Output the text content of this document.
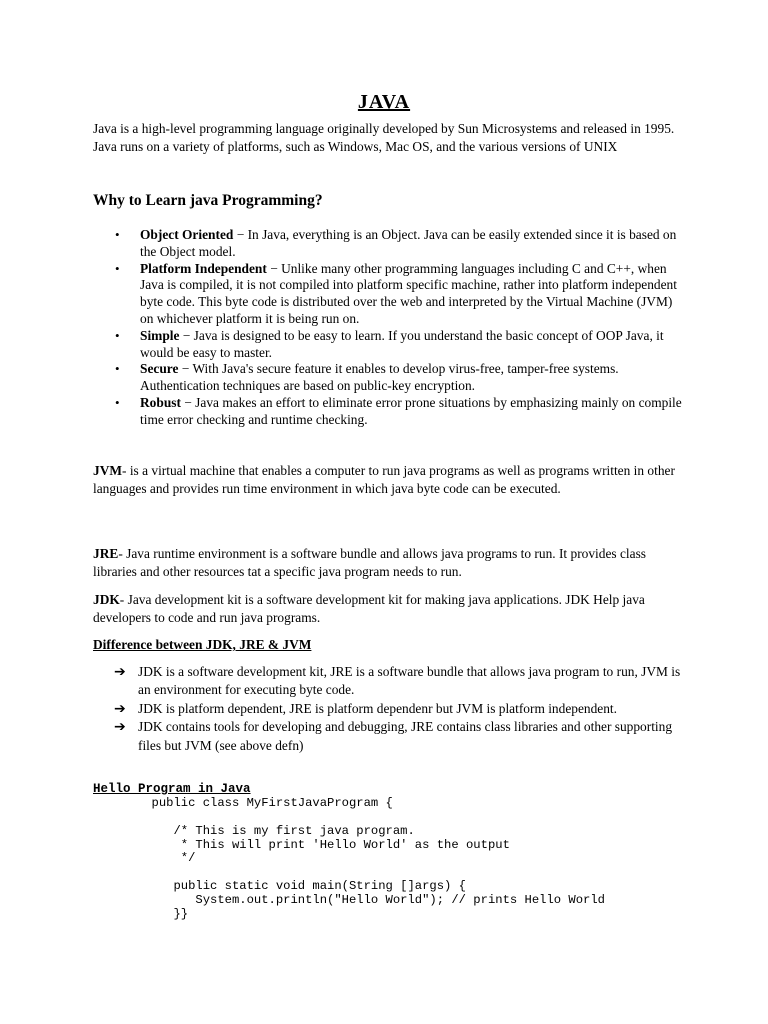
JAVA
Java is a high-level programming language originally developed by Sun Microsystems and released in 1995. Java runs on a variety of platforms, such as Windows, Mac OS, and the various versions of UNIX
Why to Learn java Programming?
• Object Oriented − In Java, everything is an Object. Java can be easily extended since it is based on the Object model.
• Platform Independent − Unlike many other programming languages including C and C++, when Java is compiled, it is not compiled into platform specific machine, rather into platform independent byte code. This byte code is distributed over the web and interpreted by the Virtual Machine (JVM) on whichever platform it is being run on.
• Simple − Java is designed to be easy to learn. If you understand the basic concept of OOP Java, it would be easy to master.
• Secure − With Java's secure feature it enables to develop virus-free, tamper-free systems. Authentication techniques are based on public-key encryption.
• Robust − Java makes an effort to eliminate error prone situations by emphasizing mainly on compile time error checking and runtime checking.
JVM- is a virtual machine that enables a computer to run java programs as well as programs written in other languages and provides run time environment in which java byte code can be executed.
JRE- Java runtime environment is a software bundle and allows java programs to run. It provides class libraries and other resources tat a specific java program needs to run.
JDK- Java development kit is a software development kit for making java applications. JDK Help java developers to code and run java programs.
Difference between JDK, JRE & JVM
➔ JDK is a software development kit, JRE is a software bundle that allows java program to run, JVM is an environment for executing byte code.
➔ JDK is platform dependent, JRE is platform dependenr but JVM is platform independent.
➔ JDK contains tools for developing and debugging, JRE contains class libraries and other supporting files but JVM (see above defn)
Hello Program in Java
public class MyFirstJavaProgram {

/* This is my first java program.
* This will print 'Hello World' as the output
*/

public static void main(String []args) {
System.out.println("Hello World"); // prints Hello World
}}
